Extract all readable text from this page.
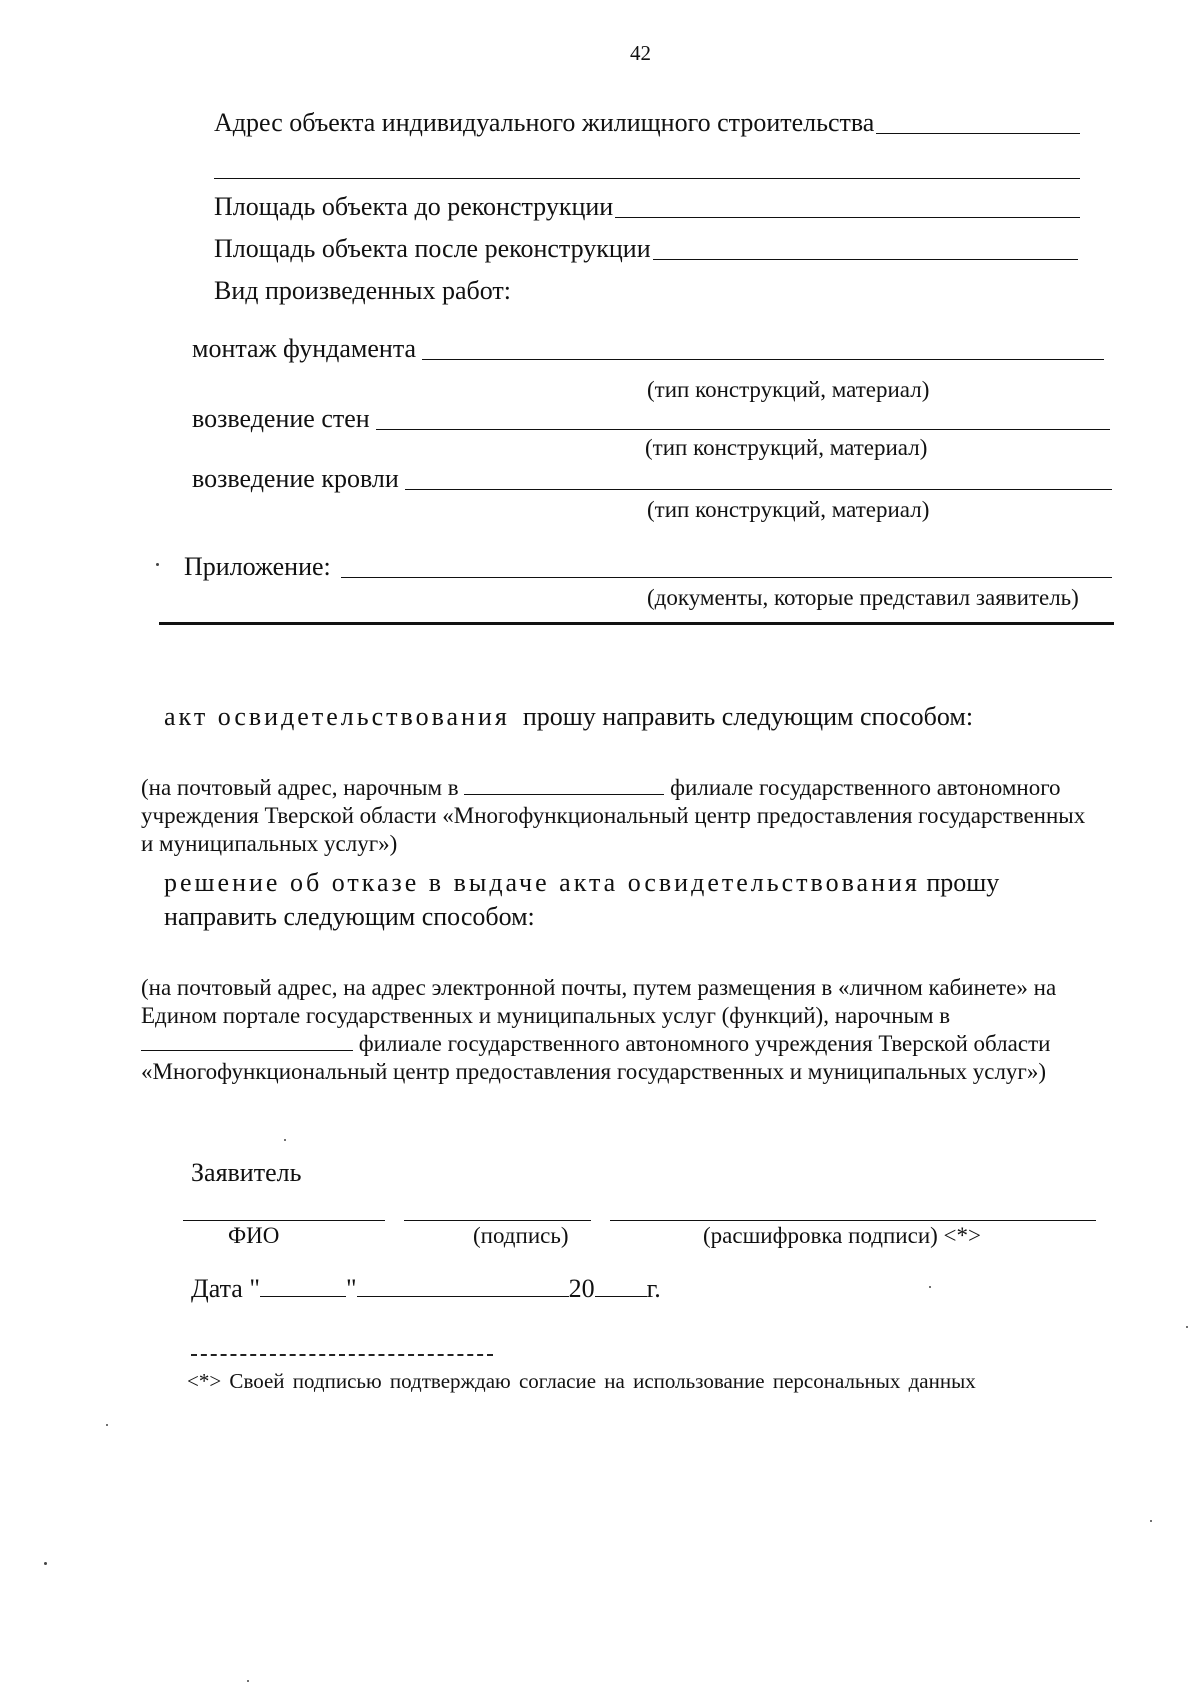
42
Адрес объекта индивидуального жилищного строительства
Площадь объекта до реконструкции
Площадь объекта после реконструкции
Вид произведенных работ:
монтаж фундамента
(тип конструкций, материал)
возведение стен
(тип конструкций, материал)
возведение кровли
(тип конструкций, материал)
Приложение:
(документы, которые представил заявитель)
акт освидетельствования прошу направить следующим способом:
(на почтовый адрес, нарочным в	филиале государственного автономного
учреждения Тверской области «Многофункциональный центр предоставления государственных
и муниципальных услуг»)
решение об отказе в выдаче акта освидетельствования прошу
направить следующим способом:
(на почтовый адрес, на адрес электронной почты, путем размещения в «личном кабинете» на
Едином портале государственных и муниципальных услуг (функций), нарочным в
филиале государственного автономного учреждения Тверской области
«Многофункциональный центр предоставления государственных и муниципальных услуг»)
Заявитель
ФИО	(подпись)	(расшифровка подписи) <*>
Дата "	"	20 г.
<*> Своей подписью подтверждаю согласие на использование персональных данных
